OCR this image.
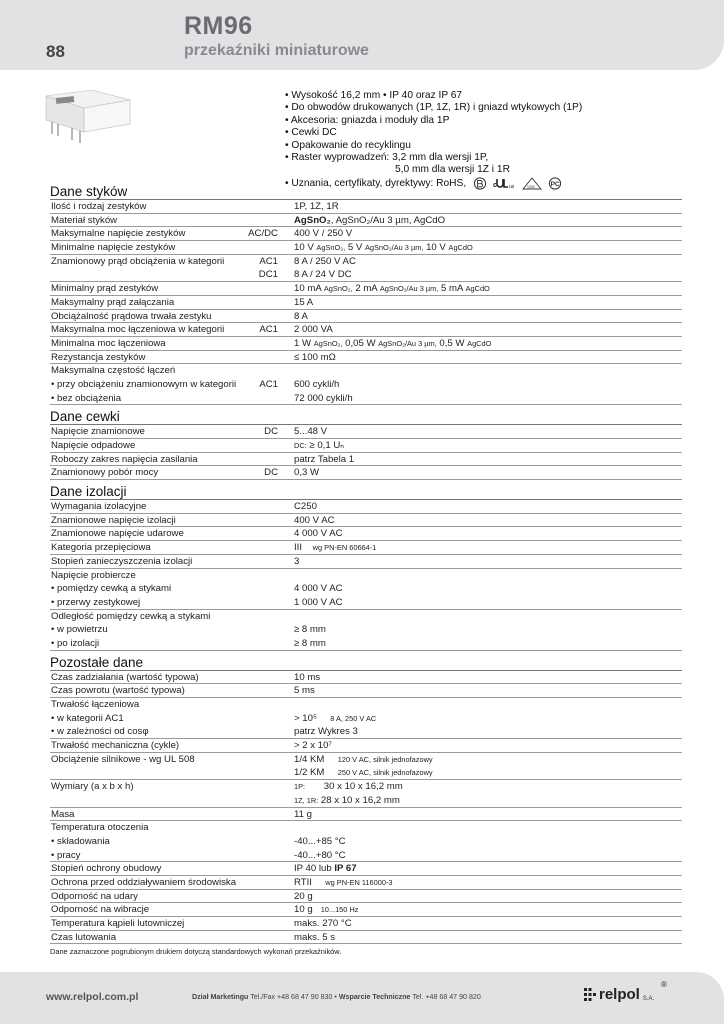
88
RM96
przekaźniki miniaturowe
• Wysokość 16,2 mm • IP 40 oraz IP 67
• Do obwodów drukowanych (1P, 1Z, 1R) i gniazd wtykowych (1P)
• Akcesoria: gniazda i moduły dla 1P
• Cewki DC
• Opakowanie do recyklingu
• Raster wyprowadzeń: 3,2 mm dla wersji 1P,
5,0 mm dla wersji 1Z i 1R
• Uznania, certyfikaty, dyrektywy: RoHS,	c us	VDE PC
Dane styków
Ilość i rodzaj zestyków	1P, 1Z, 1R
Materiał styków	AgSnO₂, AgSnO₂/Au 3 µm, AgCdO
Maksymalne napięcie zestyków	AC/DC	400 V / 250 V
Minimalne napięcie zestyków	10 V AgSnO₂, 5 V AgSnO₂/Au 3 µm, 10 V AgCdO
Znamionowy prąd obciążenia w kategorii	AC1	8 A / 250 V AC
DC1	8 A / 24 V DC
Minimalny prąd zestyków	10 mA AgSnO₂, 2 mA AgSnO₂/Au 3 µm, 5 mA AgCdO
Maksymalny prąd załączania	15 A
Obciążalność prądowa trwała zestyku	8 A
Maksymalna moc łączeniowa w kategorii	AC1	2 000 VA
Minimalna moc łączeniowa	1 W AgSnO₂, 0,05 W AgSnO₂/Au 3 µm, 0,5 W AgCdO
Rezystancja zestyków	≤ 100 mΩ
Maksymalna częstość łączeń
• przy obciążeniu znamionowym w kategorii AC1	600 cykli/h
• bez obciążenia	72 000 cykli/h
Dane cewki
Napięcie znamionowe	DC	5...48 V
Napięcie odpadowe	DC: ≥ 0,1 Uₙ
Roboczy zakres napięcia zasilania	patrz Tabela 1
Znamionowy pobór mocy	DC	0,3 W
Dane izolacji
Wymagania izolacyjne	C250
Znamionowe napięcie izolacji	400 V AC
Znamionowe napięcie udarowe	4 000 V AC
Kategoria przepięciowa	III wg PN-EN 60664-1
Stopień zanieczyszczenia izolacji	3
Napięcie probiercze
• pomiędzy cewką a stykami	4 000 V AC
• przerwy zestykowej	1 000 V AC
Odległość pomiędzy cewką a stykami
• w powietrzu	≥ 8 mm
• po izolacji	≥ 8 mm
Pozostałe dane
Czas zadziałania (wartość typowa)	10 ms
Czas powrotu (wartość typowa)	5 ms
Trwałość łączeniowa
• w kategorii AC1	> 10⁵ 8 A, 250 V AC
• w zależności od cosφ	patrz Wykres 3
Trwałość mechaniczna (cykle)	> 2 x 10⁷
Obciążenie silnikowe - wg UL 508	1/4 KM 120 V AC, silnik jednofazowy
1/2 KM 250 V AC, silnik jednofazowy
Wymiary (a x b x h)	1P: 30 x 10 x 16,2 mm
1Z, 1R: 28 x 10 x 16,2 mm
Masa	11 g
Temperatura otoczenia
• składowania	-40...+85 °C
• pracy	-40...+80 °C
Stopień ochrony obudowy	IP 40 lub IP 67
Ochrona przed oddziaływaniem środowiska	RTII wg PN-EN 116000-3
Odporność na udary	20 g
Odporność na wibracje	10 g 10...150 Hz
Temperatura kąpieli lutowniczej	maks. 270 °C
Czas lutowania	maks. 5 s
Dane zaznaczone pogrubionym drukiem dotyczą standardowych wykonań przekaźników.
www.relpol.com.pl	Dział Marketingu Tel./Fax +48 68 47 90 830 • Wsparcie Techniczne Tel. +48 68 47 90 820	relpol S.A.
®
